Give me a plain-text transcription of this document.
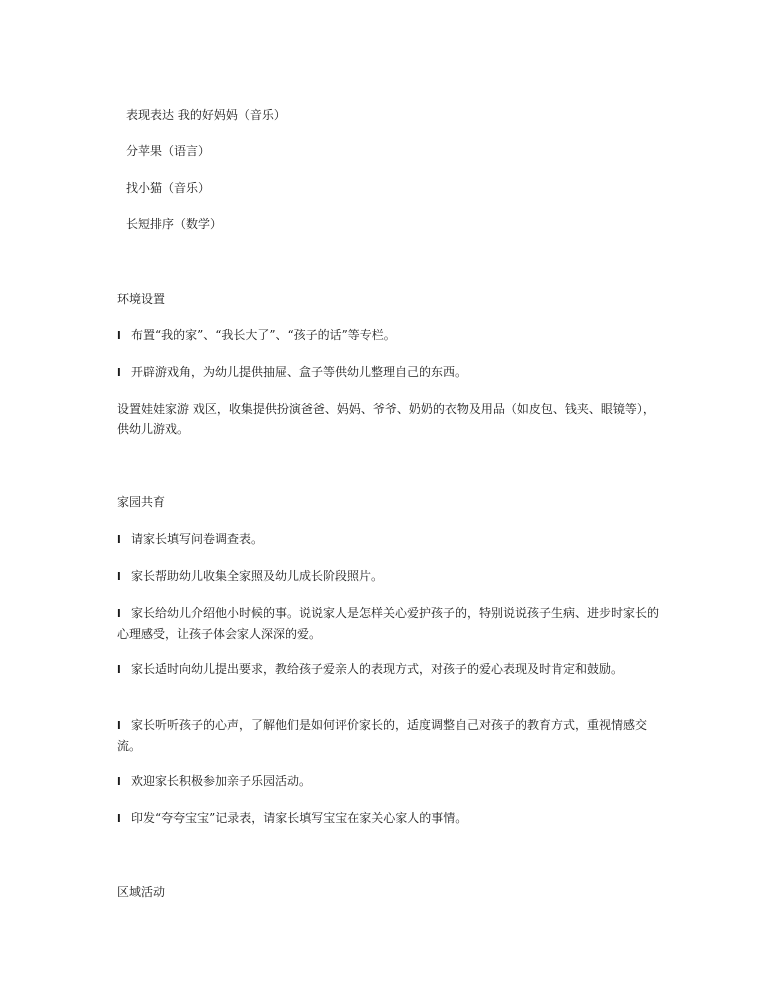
表现表达 我的好妈妈（音乐）
分苹果（语言）
找小猫（音乐）
长短排序（数学）
环境设置
l 布置“我的家”、“我长大了”、“孩子的话”等专栏。
l 开辟游戏角，为幼儿提供抽屉、盒子等供幼儿整理自己的东西。
设置娃娃家游 戏区，收集提供扮演爸爸、妈妈、爷爷、奶奶的衣物及用品（如皮包、钱夹、眼镜等），供幼儿游戏。
家园共育
l 请家长填写问卷调查表。
l 家长帮助幼儿收集全家照及幼儿成长阶段照片。
l 家长给幼儿介绍他小时候的事。说说家人是怎样关心爱护孩子的，特别说说孩子生病、进步时家长的心理感受，让孩子体会家人深深的爱。
l 家长适时向幼儿提出要求，教给孩子爱亲人的表现方式，对孩子的爱心表现及时肯定和鼓励。
l 家长听听孩子的心声，了解他们是如何评价家长的，适度调整自己对孩子的教育方式，重视情感交流。
l 欢迎家长积极参加亲子乐园活动。
l 印发“夸夸宝宝”记录表，请家长填写宝宝在家关心家人的事情。
区域活动
